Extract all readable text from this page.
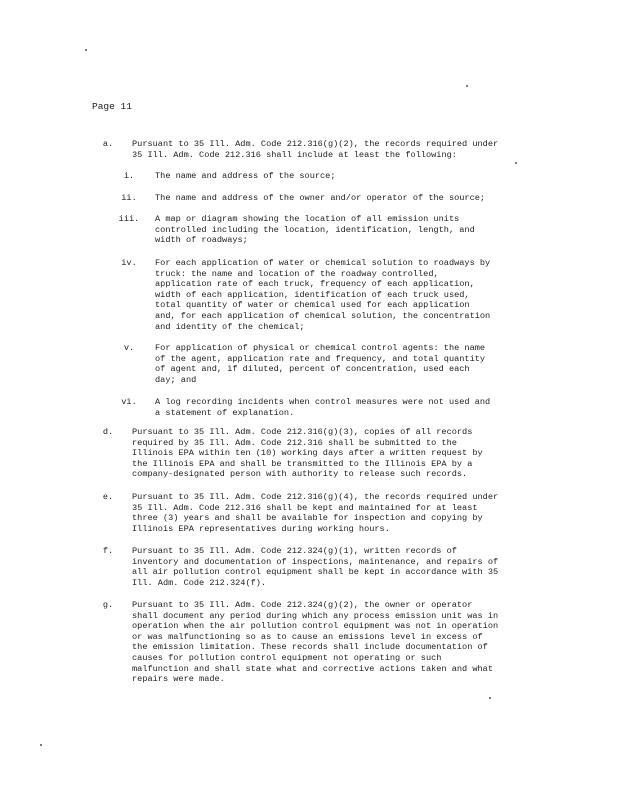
Page 11
a.	Pursuant to 35 Ill. Adm. Code 212.316(g)(2), the records required under
35 Ill. Adm. Code 212.316 shall include at least the following:
i.	The name and address of the source;
ii.	The name and address of the owner and/or operator of the source;
iii.	A map or diagram showing the location of all emission units
controlled including the location, identification, length, and
width of roadways;
iv.	For each application of water or chemical solution to roadways by
truck: the name and location of the roadway controlled,
application rate of each truck, frequency of each application,
width of each application, identification of each truck used,
total quantity of water or chemical used for each application
and, for each application of chemical solution, the concentration
and identity of the chemical;
v.	For application of physical or chemical control agents: the name
of the agent, application rate and frequency, and total quantity
of agent and, if diluted, percent of concentration, used each
day; and
vi.	A log recording incidents when control measures were not used and
a statement of explanation.
d.	Pursuant to 35 Ill. Adm. Code 212.316(g)(3), copies of all records
required by 35 Ill. Adm. Code 212.316 shall be submitted to the
Illinois EPA within ten (10) working days after a written request by
the Illinois EPA and shall be transmitted to the Illinois EPA by a
company-designated person with authority to release such records.
e.	Pursuant to 35 Ill. Adm. Code 212.316(g)(4), the records required under
35 Ill. Adm. Code 212.316 shall be kept and maintained for at least
three (3) years and shall be available for inspection and copying by
Illinois EPA representatives during working hours.
f.	Pursuant to 35 Ill. Adm. Code 212.324(g)(1), written records of
inventory and documentation of inspections, maintenance, and repairs of
all air pollution control equipment shall be kept in accordance with 35
Ill. Adm. Code 212.324(f).
g.	Pursuant to 35 Ill. Adm. Code 212.324(g)(2), the owner or operator
shall document any period during which any process emission unit was in
operation when the air pollution control equipment was not in operation
or was malfunctioning so as to cause an emissions level in excess of
the emission limitation. These records shall include documentation of
causes for pollution control equipment not operating or such
malfunction and shall state what and corrective actions taken and what
repairs were made.
